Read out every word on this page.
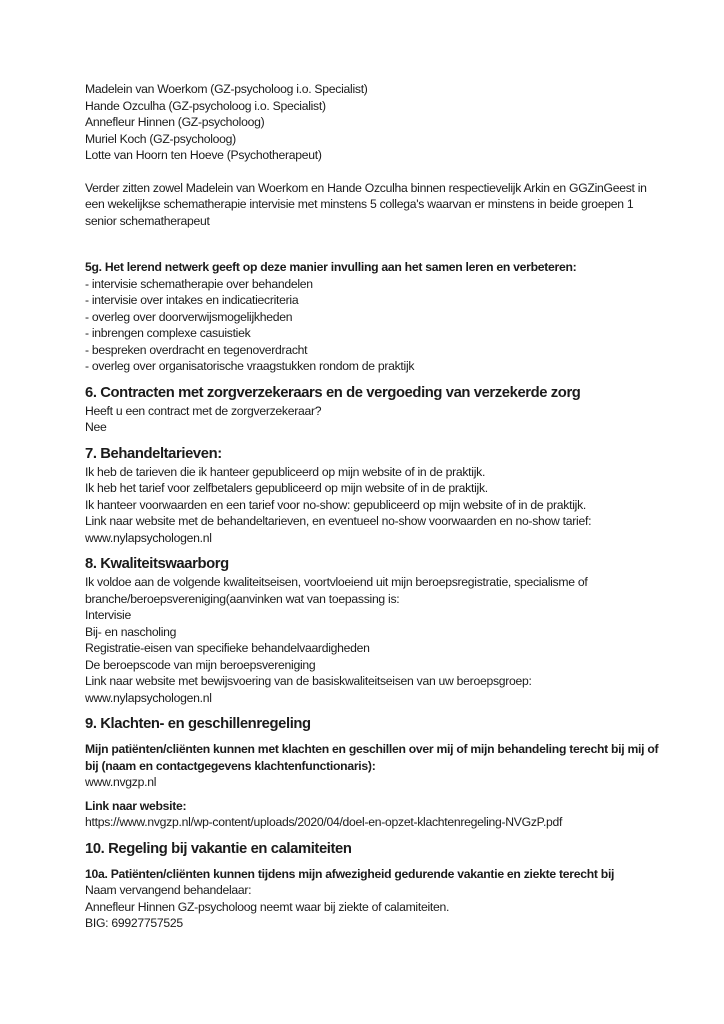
Madelein van Woerkom (GZ-psycholoog i.o. Specialist)

Hande Ozculha (GZ-psycholoog i.o. Specialist)

Annefleur Hinnen (GZ-psycholoog)

Muriel Koch (GZ-psycholoog)

Lotte van Hoorn ten Hoeve (Psychotherapeut)

Verder zitten zowel Madelein van Woerkom en Hande Ozculha binnen respectievelijk Arkin en GGZinGeest in een wekelijkse schematherapie intervisie met minstens 5 collega's waarvan er minstens in beide groepen 1 senior schematherapeut

5g. Het lerend netwerk geeft op deze manier invulling aan het samen leren en verbeteren:

- intervisie schematherapie over behandelen

- intervisie over intakes en indicatiecriteria

- overleg over doorverwijsmogelijkheden

- inbrengen complexe casuistiek

- bespreken overdracht en tegenoverdracht

- overleg over organisatorische vraagstukken rondom de praktijk

6. Contracten met zorgverzekeraars en de vergoeding van verzekerde zorg

Heeft u een contract met de zorgverzekeraar?

Nee

7. Behandeltarieven:

Ik heb de tarieven die ik hanteer gepubliceerd op mijn website of in de praktijk.

Ik heb het tarief voor zelfbetalers gepubliceerd op mijn website of in de praktijk.

Ik hanteer voorwaarden en een tarief voor no-show: gepubliceerd op mijn website of in de praktijk.

Link naar website met de behandeltarieven, en eventueel no-show voorwaarden en no-show tarief:

www.nylapsychologen.nl

8. Kwaliteitswaarborg

Ik voldoe aan de volgende kwaliteitseisen, voortvloeiend uit mijn beroepsregistratie, specialisme of branche/beroepsvereniging(aanvinken wat van toepassing is:

Intervisie

Bij- en nascholing

Registratie-eisen van specifieke behandelvaardigheden

De beroepscode van mijn beroepsvereniging

Link naar website met bewijsvoering van de basiskwaliteitseisen van uw beroepsgroep:

www.nylapsychologen.nl

9. Klachten- en geschillenregeling

Mijn patiënten/cliënten kunnen met klachten en geschillen over mij of mijn behandeling terecht bij mij of bij (naam en contactgegevens klachtenfunctionaris):

www.nvgzp.nl

Link naar website:

https://www.nvgzp.nl/wp-content/uploads/2020/04/doel-en-opzet-klachtenregeling-NVGzP.pdf

10. Regeling bij vakantie en calamiteiten

10a. Patiënten/cliënten kunnen tijdens mijn afwezigheid gedurende vakantie en ziekte terecht bij

Naam vervangend behandelaar:

Annefleur Hinnen GZ-psycholoog neemt waar bij ziekte of calamiteiten.

BIG: 69927757525
